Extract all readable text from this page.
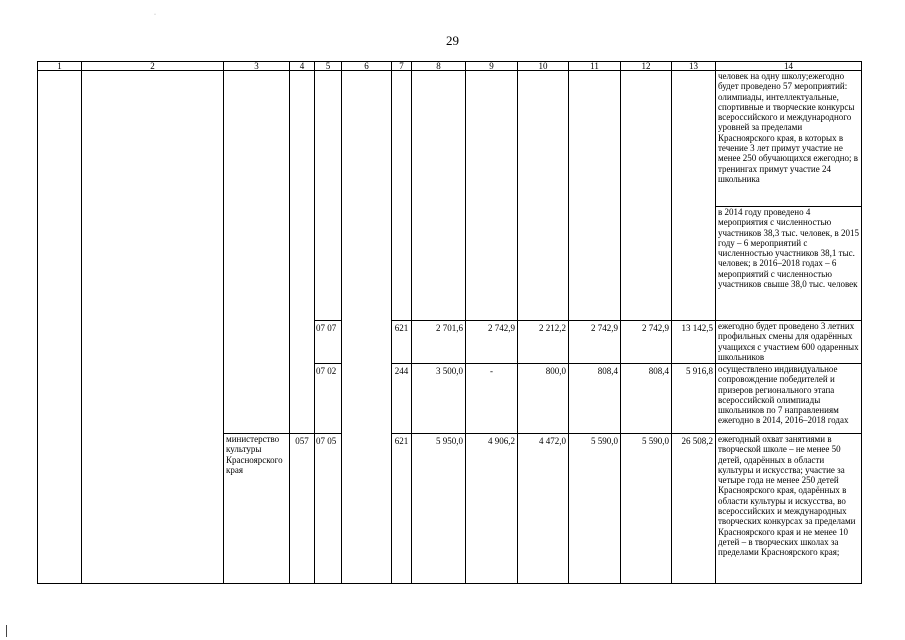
·
29
1	2	3	4	5	6	7	8	9	10	11	12	13	14
													человек на одну школу;ежегодно будет проведено 57 мероприятий: олимпиады, интеллектуальные, спортивные и творческие конкурсы всероссийского и международного уровней за пределами Красноярского края, в которых в течение 3 лет примут участие не менее 250 обучающихся ежегодно; в тренингах примут участие 24 школьника
													в 2014 году проведено 4 мероприятия с численностью участников 38,3 тыс. человек, в 2015 году – 6 мероприятий с численностью участников 38,1 тыс. человек; в 2016–2018 годах – 6 мероприятий с численностью участников свыше 38,0 тыс. человек
				07 07		621	2 701,6	2 742,9	2 212,2	2 742,9	2 742,9	13 142,5	ежегодно будет проведено 3 летних профильных смены для одарённых учащихся с участием 600 одаренных школьников
				07 02		244	3 500,0	-	800,0	808,4	808,4	5 916,8	осуществлено индивидуальное сопровождение победителей и призеров регионального этапа всероссийской олимпиады школьников по 7 направлениям ежегодно в 2014, 2016–2018 годах
		министерство культуры Красноярского края	057	07 05		621	5 950,0	4 906,2	4 472,0	5 590,0	5 590,0	26 508,2	ежегодный охват занятиями в творческой школе – не менее 50 детей, одарённых в области культуры и искусства; участие за четыре года не менее 250 детей Красноярского края, одарённых в области культуры и искусства, во всероссийских и международных творческих конкурсах за пределами Красноярского края и не менее 10 детей – в творческих школах за пределами Красноярского края;
